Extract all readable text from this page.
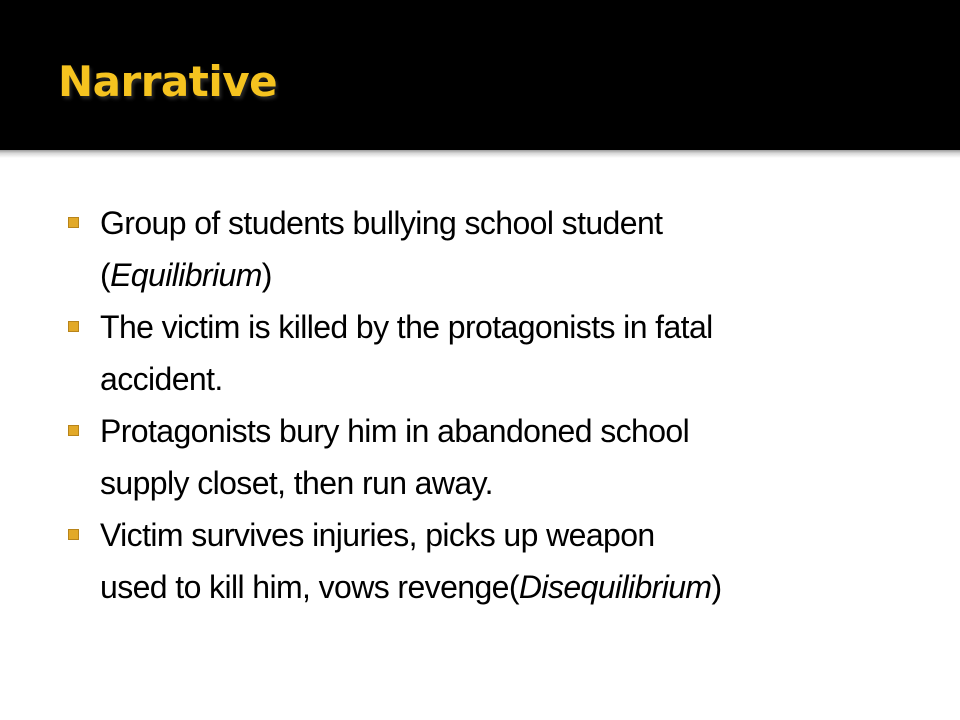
Narrative
Group of students bullying school student
(Equilibrium)
The victim is killed by the protagonists in fatal
accident.
Protagonists bury him in abandoned school
supply closet, then run away.
Victim survives injuries, picks up weapon
used to kill him, vows revenge(Disequilibrium)
